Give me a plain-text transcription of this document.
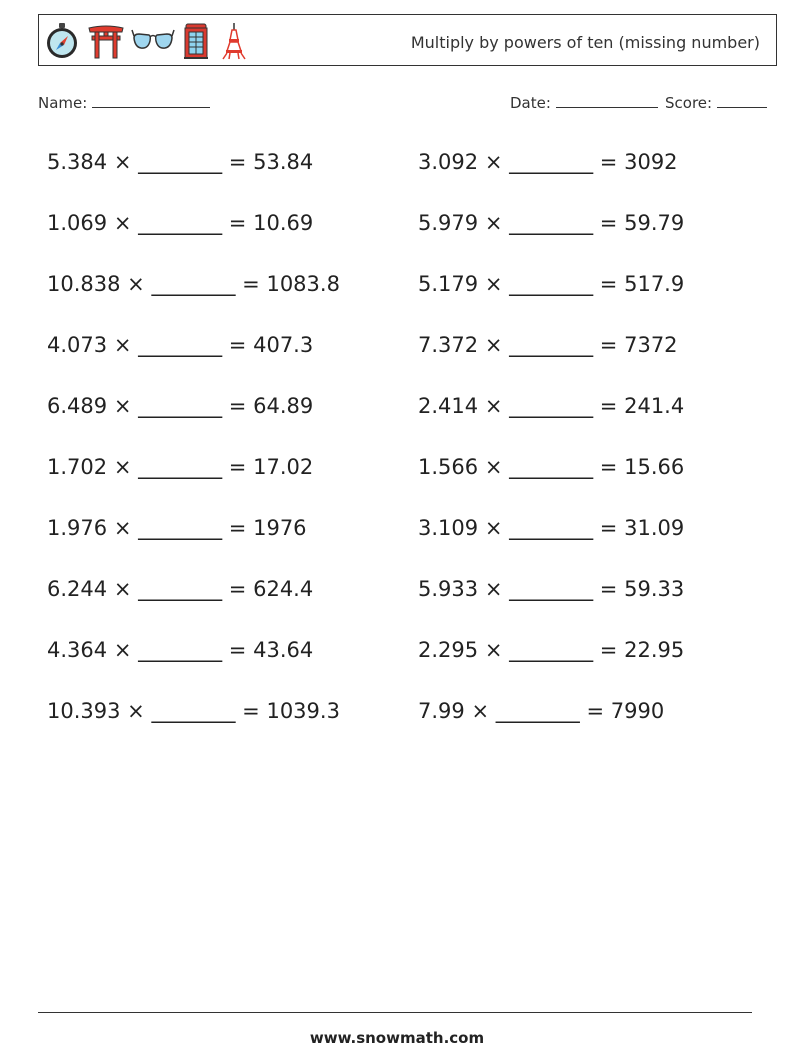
Multiply by powers of ten (missing number)
Name:	Date:	Score:
5.384 × ________ = 53.84
1.069 × ________ = 10.69
10.838 × ________ = 1083.8
4.073 × ________ = 407.3
6.489 × ________ = 64.89
1.702 × ________ = 17.02
1.976 × ________ = 1976
6.244 × ________ = 624.4
4.364 × ________ = 43.64
10.393 × ________ = 1039.3
3.092 × ________ = 3092
5.979 × ________ = 59.79
5.179 × ________ = 517.9
7.372 × ________ = 7372
2.414 × ________ = 241.4
1.566 × ________ = 15.66
3.109 × ________ = 31.09
5.933 × ________ = 59.33
2.295 × ________ = 22.95
7.99 × ________ = 7990
www.snowmath.com
